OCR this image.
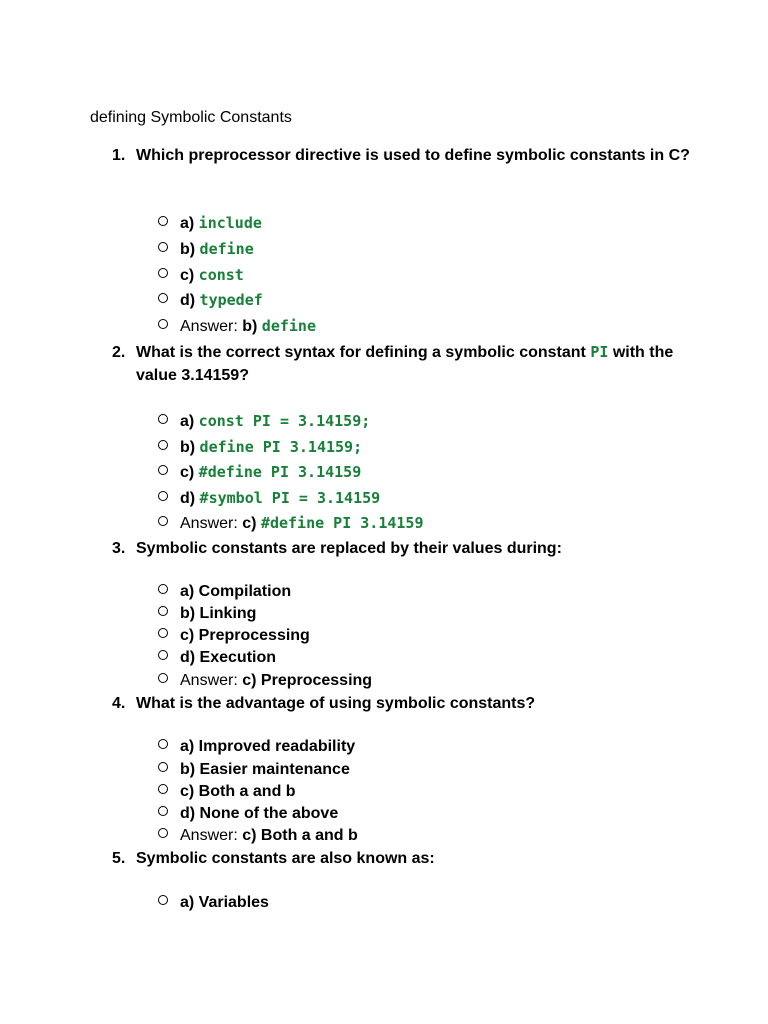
defining Symbolic Constants
1. Which preprocessor directive is used to define symbolic constants in C?
a) include
b) define
c) const
d) typedef
Answer: b) define
2. What is the correct syntax for defining a symbolic constant PI with the value 3.14159?
a) const PI = 3.14159;
b) define PI 3.14159;
c) #define PI 3.14159
d) #symbol PI = 3.14159
Answer: c) #define PI 3.14159
3. Symbolic constants are replaced by their values during:
a) Compilation
b) Linking
c) Preprocessing
d) Execution
Answer: c) Preprocessing
4. What is the advantage of using symbolic constants?
a) Improved readability
b) Easier maintenance
c) Both a and b
d) None of the above
Answer: c) Both a and b
5. Symbolic constants are also known as:
a) Variables
